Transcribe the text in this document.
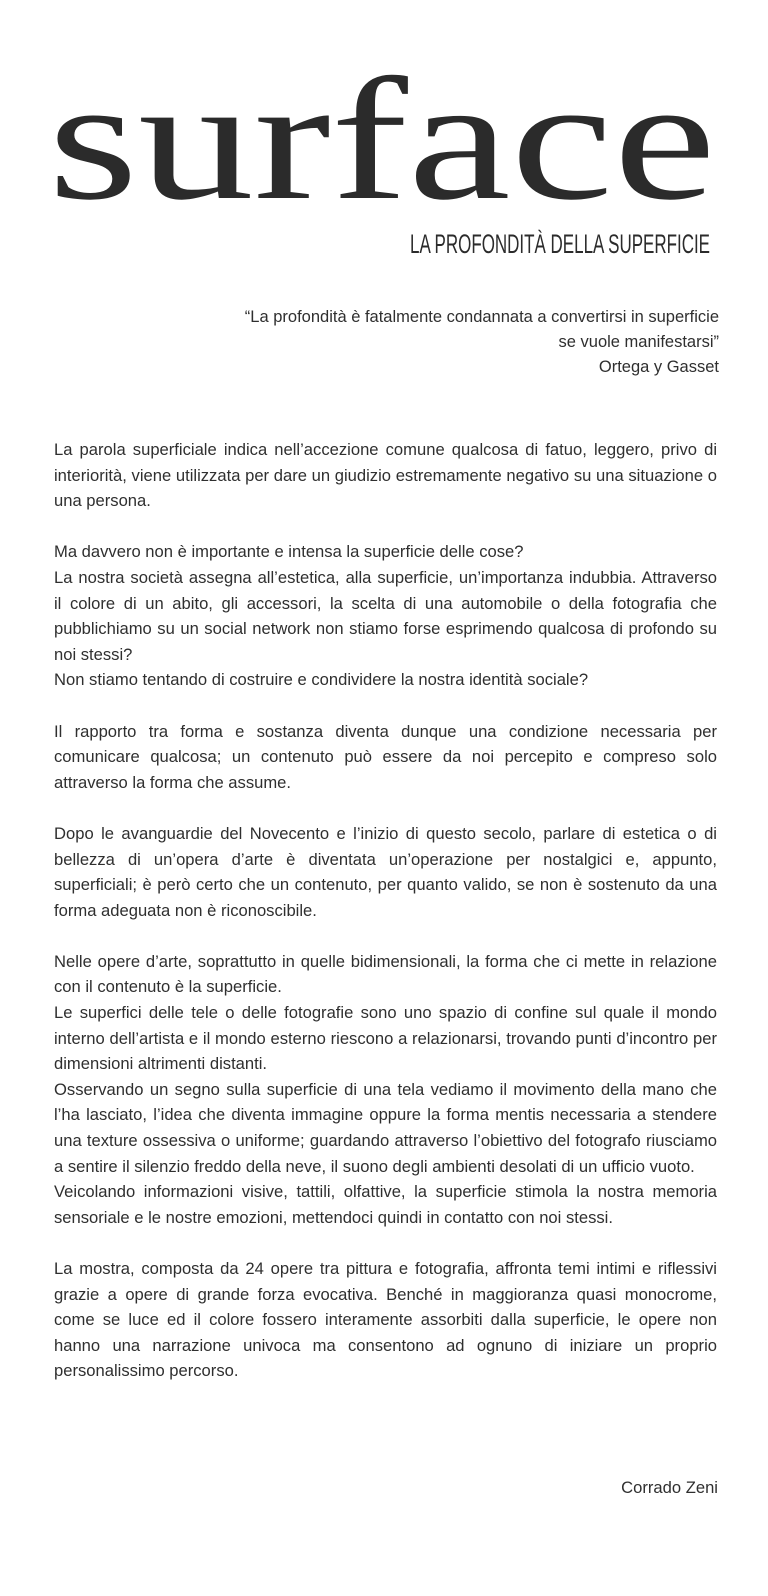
surface
LA PROFONDITÀ DELLA SUPERFICIE
“La profondità è fatalmente condannata a convertirsi in superficie
se vuole manifestarsi”
Ortega y Gasset

La parola superficiale indica nell’accezione comune qualcosa di fatuo, leggero, privo di interiorità, viene utilizzata per dare un giudizio estremamente negativo su una situazione o una persona.

Ma davvero non è importante e intensa la superficie delle cose?
La nostra società assegna all’estetica, alla superficie, un’importanza indubbia. Attraverso il colore di un abito, gli accessori, la scelta di una automobile o della fotografia che pubblichiamo su un social network non stiamo forse esprimendo qualcosa di profondo su noi stessi?
Non stiamo tentando di costruire e condividere la nostra identità sociale?

Il rapporto tra forma e sostanza diventa dunque una condizione necessaria per comunicare qualcosa; un contenuto può essere da noi percepito e compreso solo attraverso la forma che assume.

Dopo le avanguardie del Novecento e l’inizio di questo secolo, parlare di estetica o di bellezza di un’opera d’arte è diventata un’operazione per nostalgici e, appunto, superficiali; è però certo che un contenuto, per quanto valido, se non è sostenuto da una forma adeguata non è riconoscibile.

Nelle opere d’arte, soprattutto in quelle bidimensionali, la forma che ci mette in relazione con il contenuto è la superficie.
Le superfici delle tele o delle fotografie sono uno spazio di confine sul quale il mondo interno dell’artista e il mondo esterno riescono a relazionarsi, trovando punti d’incontro per dimensioni altrimenti distanti.
Osservando un segno sulla superficie di una tela vediamo il movimento della mano che l’ha lasciato, l’idea che diventa immagine oppure la forma mentis necessaria a stendere una texture ossessiva o uniforme; guardando attraverso l’obiettivo del fotografo riusciamo a sentire il silenzio freddo della neve, il suono degli ambienti desolati di un ufficio vuoto.
Veicolando informazioni visive, tattili, olfattive, la superficie stimola la nostra memoria sensoriale e le nostre emozioni, mettendoci quindi in contatto con noi stessi.

La mostra, composta da 24 opere tra pittura e fotografia, affronta temi intimi e riflessivi grazie a opere di grande forza evocativa. Benché in maggioranza quasi monocrome, come se luce ed il colore fossero interamente assorbiti dalla superficie, le opere non hanno una narrazione univoca ma consentono ad ognuno di iniziare un proprio personalissimo percorso.

Corrado Zeni
